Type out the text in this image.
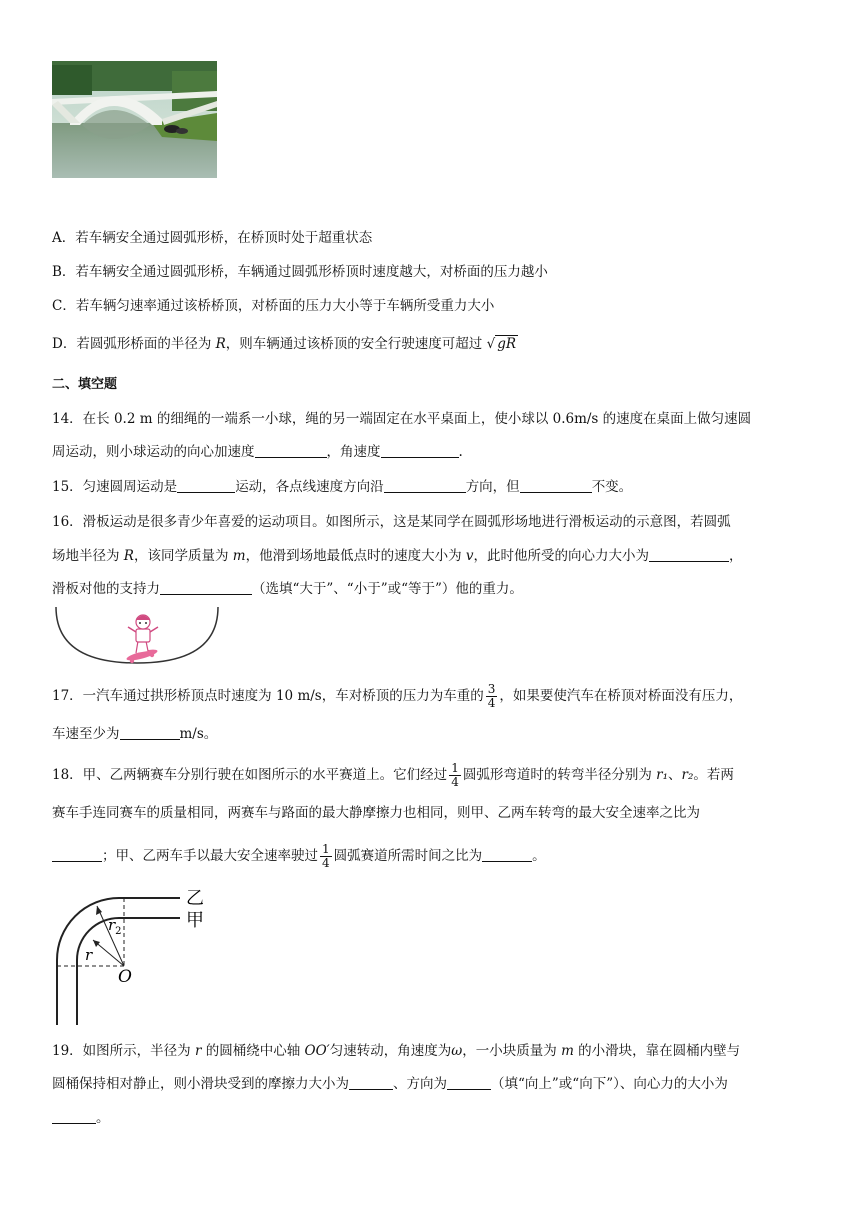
A．若车辆安全通过圆弧形桥，在桥顶时处于超重状态
B．若车辆安全通过圆弧形桥，车辆通过圆弧形桥顶时速度越大，对桥面的压力越小
C．若车辆匀速率通过该桥桥顶，对桥面的压力大小等于车辆所受重力大小
D．若圆弧形桥面的半径为 R，则车辆通过该桥顶的安全行驶速度可超过 √ gR
二、填空题
14．在长 0.2 m 的细绳的一端系一小球，绳的另一端固定在水平桌面上，使小球以 0.6m/s 的速度在桌面上做匀速圆
周运动，则小球运动的向心加速度	，角速度	.
15．匀速圆周运动是	运动，各点线速度方向沿	方向，但	不变。
16．滑板运动是很多青少年喜爱的运动项目。如图所示，这是某同学在圆弧形场地进行滑板运动的示意图，若圆弧
场地半径为 R，该同学质量为 m，他滑到场地最低点时的速度大小为 v，此时他所受的向心力大小为	，
滑板对他的支持力	（选填“大于”、“小于”或“等于”）他的重力。
17．一汽车通过拱形桥顶点时速度为 10 m/s，车对桥顶的压力为车重的 $\frac{3}{4}$ ，如果要使汽车在桥顶对桥面没有压力，
车速至少为	m/s。
18．甲、乙两辆赛车分别行驶在如图所示的水平赛道上。它们经过 $\frac{1}{4}$ 圆弧形弯道时的转弯半径分别为 r₁、r₂。若两
赛车手连同赛车的质量相同，两赛车与路面的最大静摩擦力也相同，则甲、乙两车转弯的最大安全速率之比为
；甲、乙两车手以最大安全速率驶过 $\frac{1}{4}$ 圆弧赛道所需时间之比为	。
乙
甲
$r_2$
r
O
19．如图所示，半径为 r 的圆桶绕中心轴 OO′匀速转动，角速度为ω，一小块质量为 m 的小滑块，靠在圆桶内壁与
圆桶保持相对静止，则小滑块受到的摩擦力大小为	、方向为	（填“向上”或“向下”）、向心力的大小为
。
